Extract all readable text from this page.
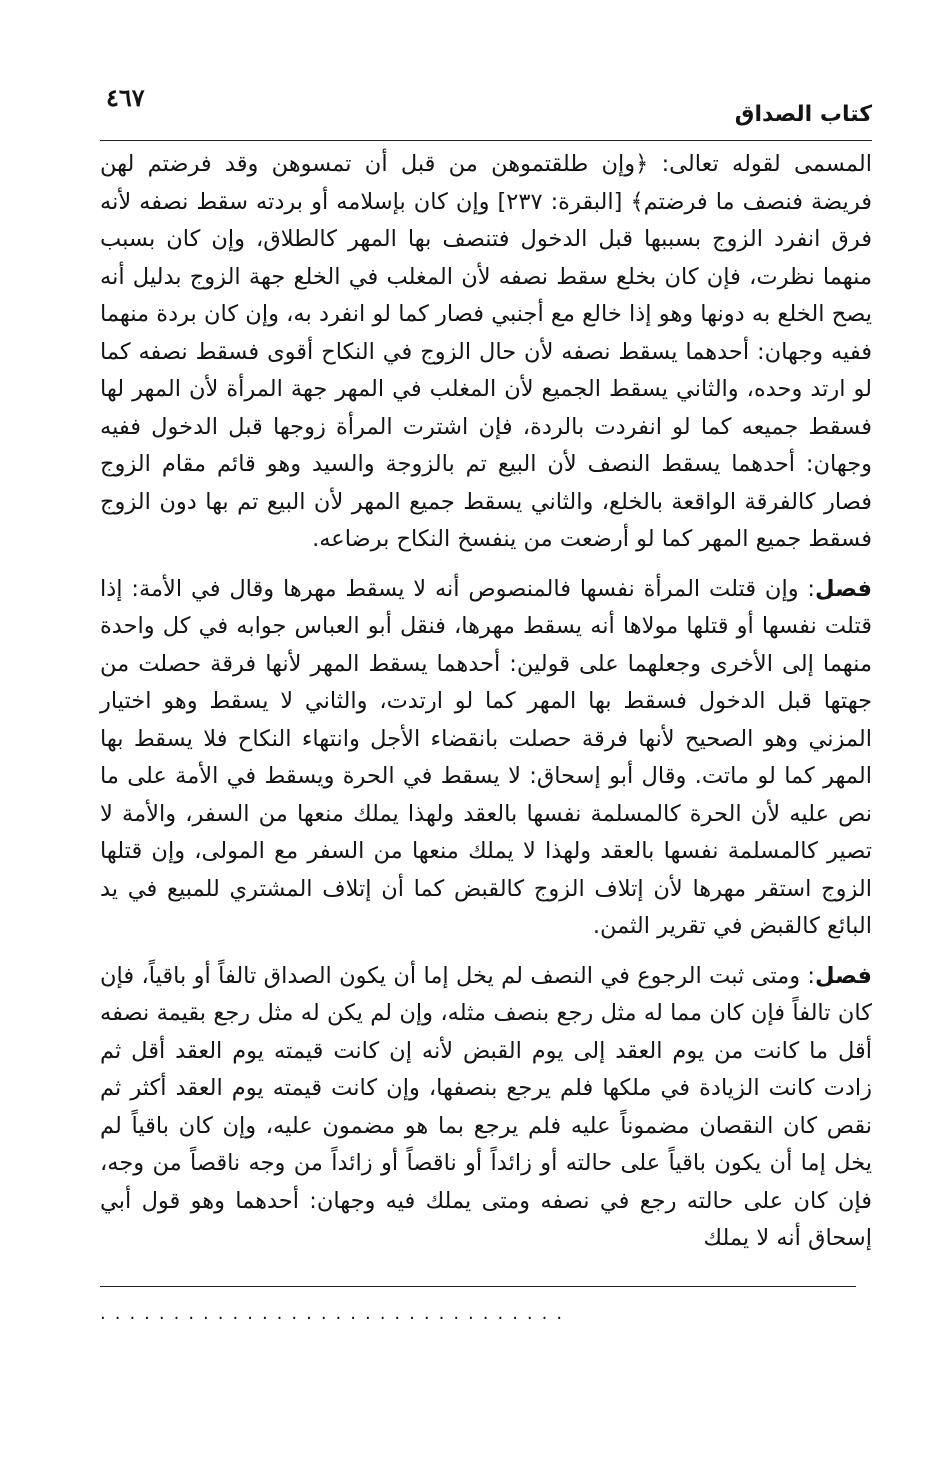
٤٦٧
كتاب الصداق

المسمى لقوله تعالى: ﴿وإن طلقتموهن من قبل أن تمسوهن وقد فرضتم لهن فريضة فنصف ما فرضتم﴾ [البقرة: ٢٣٧] وإن كان بإسلامه أو بردته سقط نصفه لأنه فرق انفرد الزوج بسببها قبل الدخول فتنصف بها المهر كالطلاق، وإن كان بسبب منهما نظرت، فإن كان بخلع سقط نصفه لأن المغلب في الخلع جهة الزوج بدليل أنه يصح الخلع به دونها وهو إذا خالع مع أجنبي فصار كما لو انفرد به، وإن كان بردة منهما ففيه وجهان: أحدهما يسقط نصفه لأن حال الزوج في النكاح أقوى فسقط نصفه كما لو ارتد وحده، والثاني يسقط الجميع لأن المغلب في المهر جهة المرأة لأن المهر لها فسقط جميعه كما لو انفردت بالردة، فإن اشترت المرأة زوجها قبل الدخول ففيه وجهان: أحدهما يسقط النصف لأن البيع تم بالزوجة والسيد وهو قائم مقام الزوج فصار كالفرقة الواقعة بالخلع، والثاني يسقط جميع المهر لأن البيع تم بها دون الزوج فسقط جميع المهر كما لو أرضعت من ينفسخ النكاح برضاعه.

فصل: وإن قتلت المرأة نفسها فالمنصوص أنه لا يسقط مهرها وقال في الأمة: إذا قتلت نفسها أو قتلها مولاها أنه يسقط مهرها، فنقل أبو العباس جوابه في كل واحدة منهما إلى الأخرى وجعلهما على قولين: أحدهما يسقط المهر لأنها فرقة حصلت من جهتها قبل الدخول فسقط بها المهر كما لو ارتدت، والثاني لا يسقط وهو اختيار المزني وهو الصحيح لأنها فرقة حصلت بانقضاء الأجل وانتهاء النكاح فلا يسقط بها المهر كما لو ماتت. وقال أبو إسحاق: لا يسقط في الحرة ويسقط في الأمة على ما نص عليه لأن الحرة كالمسلمة نفسها بالعقد ولهذا يملك منعها من السفر، والأمة لا تصير كالمسلمة نفسها بالعقد ولهذا لا يملك منعها من السفر مع المولى، وإن قتلها الزوج استقر مهرها لأن إتلاف الزوج كالقبض كما أن إتلاف المشتري للمبيع في يد البائع كالقبض في تقرير الثمن.

فصل: ومتى ثبت الرجوع في النصف لم يخل إما أن يكون الصداق تالفاً أو باقياً، فإن كان تالفاً فإن كان مما له مثل رجع بنصف مثله، وإن لم يكن له مثل رجع بقيمة نصفه أقل ما كانت من يوم العقد إلى يوم القبض لأنه إن كانت قيمته يوم العقد أقل ثم زادت كانت الزيادة في ملكها فلم يرجع بنصفها، وإن كانت قيمته يوم العقد أكثر ثم نقص كان النقصان مضموناً عليه فلم يرجع بما هو مضمون عليه، وإن كان باقياً لم يخل إما أن يكون باقياً على حالته أو زائداً أو ناقصاً أو زائداً من وجه ناقصاً من وجه، فإن كان على حالته رجع في نصفه ومتى يملك فيه وجهان: أحدهما وهو قول أبي إسحاق أنه لا يملك

................................
